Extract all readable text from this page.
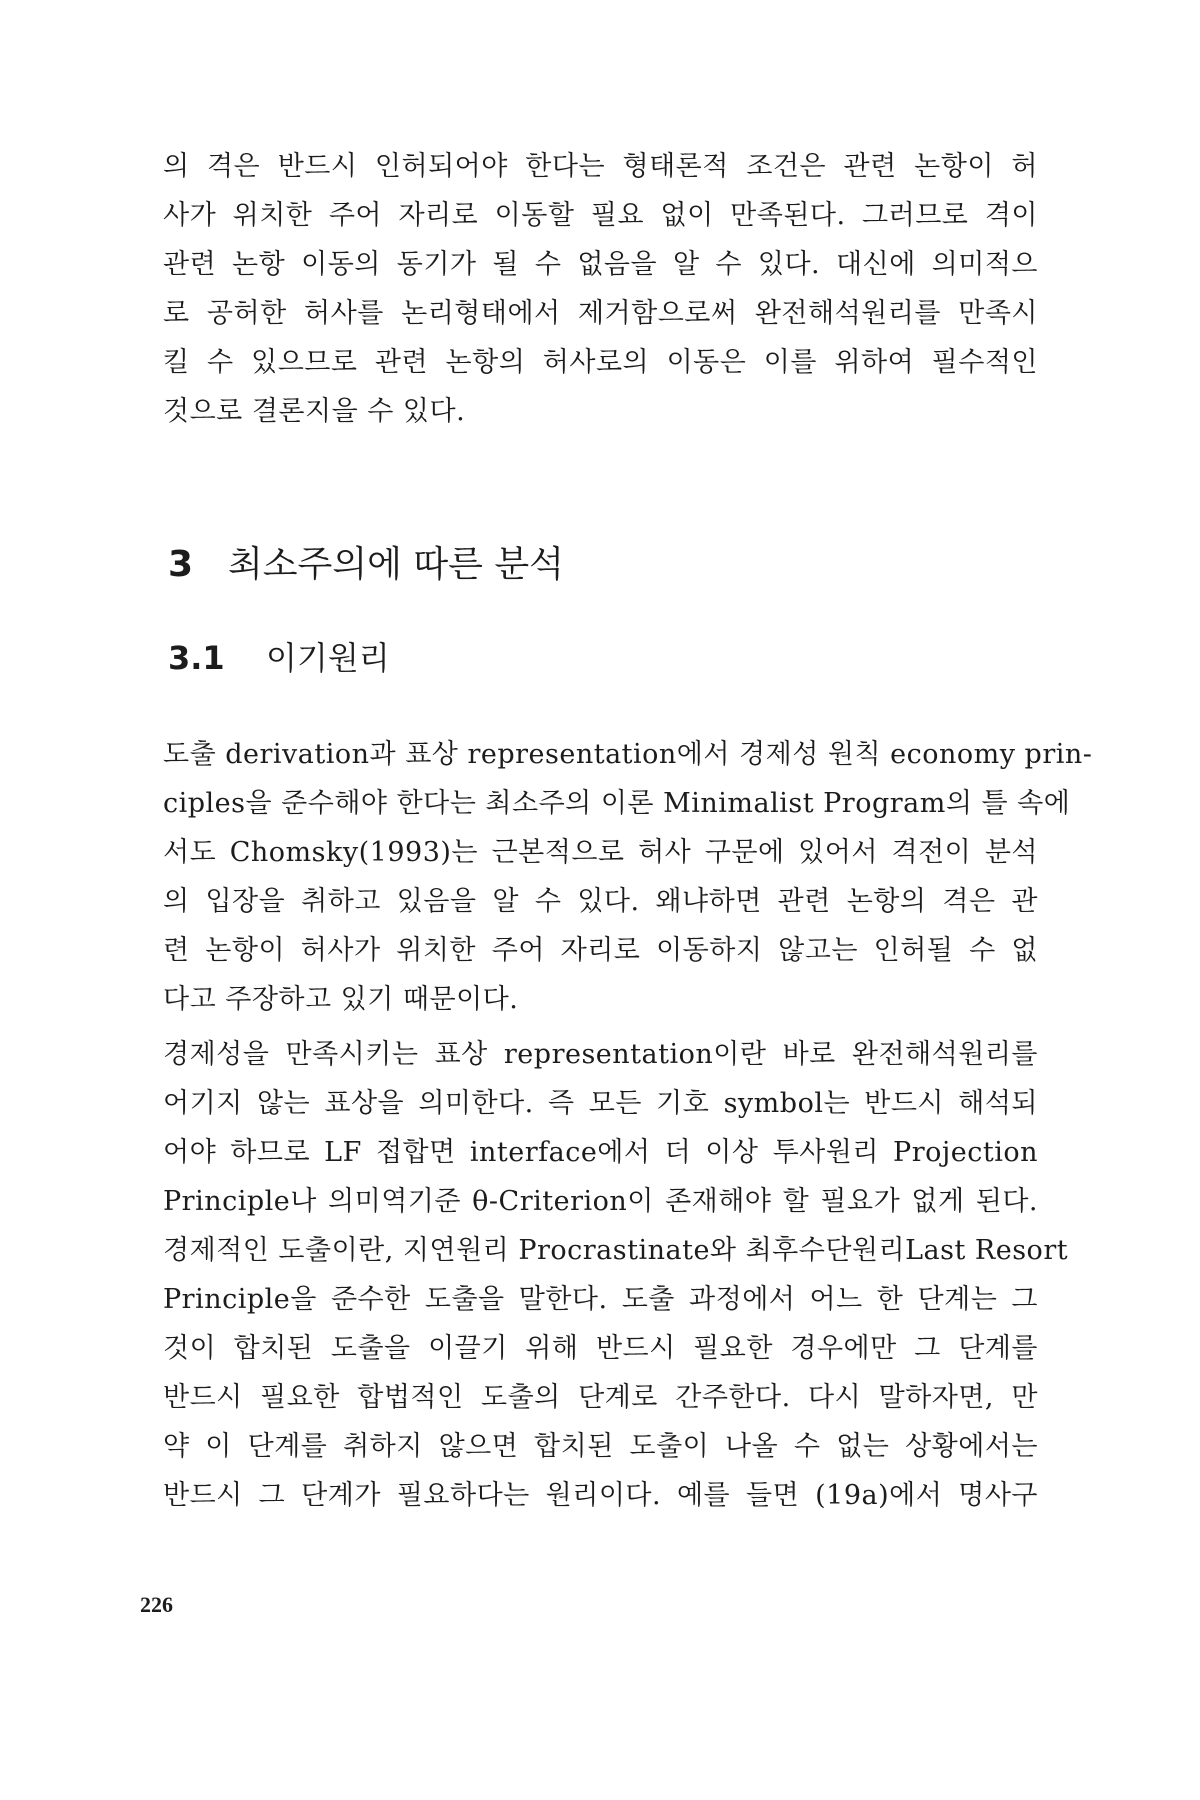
의 격은 반드시 인허되어야 한다는 형태론적 조건은 관련 논항이 허
사가 위치한 주어 자리로 이동할 필요 없이 만족된다. 그러므로 격이
관련 논항 이동의 동기가 될 수 없음을 알 수 있다. 대신에 의미적으
로 공허한 허사를 논리형태에서 제거함으로써 완전해석원리를 만족시
킬 수 있으므로 관련 논항의 허사로의 이동은 이를 위하여 필수적인
것으로 결론지을 수 있다.
3 최소주의에 따른 분석
3.1 이기원리
도출 derivation과 표상 representation에서 경제성 원칙 economy prin-
ciples을 준수해야 한다는 최소주의 이론 Minimalist Program의 틀 속에
서도 Chomsky(1993)는 근본적으로 허사 구문에 있어서 격전이 분석
의 입장을 취하고 있음을 알 수 있다. 왜냐하면 관련 논항의 격은 관
련 논항이 허사가 위치한 주어 자리로 이동하지 않고는 인허될 수 없
다고 주장하고 있기 때문이다.
경제성을 만족시키는 표상 representation이란 바로 완전해석원리를
어기지 않는 표상을 의미한다. 즉 모든 기호 symbol는 반드시 해석되
어야 하므로 LF 접합면 interface에서 더 이상 투사원리 Projection
Principle나 의미역기준 θ-Criterion이 존재해야 할 필요가 없게 된다.
경제적인 도출이란, 지연원리 Procrastinate와 최후수단원리Last Resort
Principle을 준수한 도출을 말한다. 도출 과정에서 어느 한 단계는 그
것이 합치된 도출을 이끌기 위해 반드시 필요한 경우에만 그 단계를
반드시 필요한 합법적인 도출의 단계로 간주한다. 다시 말하자면, 만
약 이 단계를 취하지 않으면 합치된 도출이 나올 수 없는 상황에서는
반드시 그 단계가 필요하다는 원리이다. 예를 들면 (19a)에서 명사구
226
